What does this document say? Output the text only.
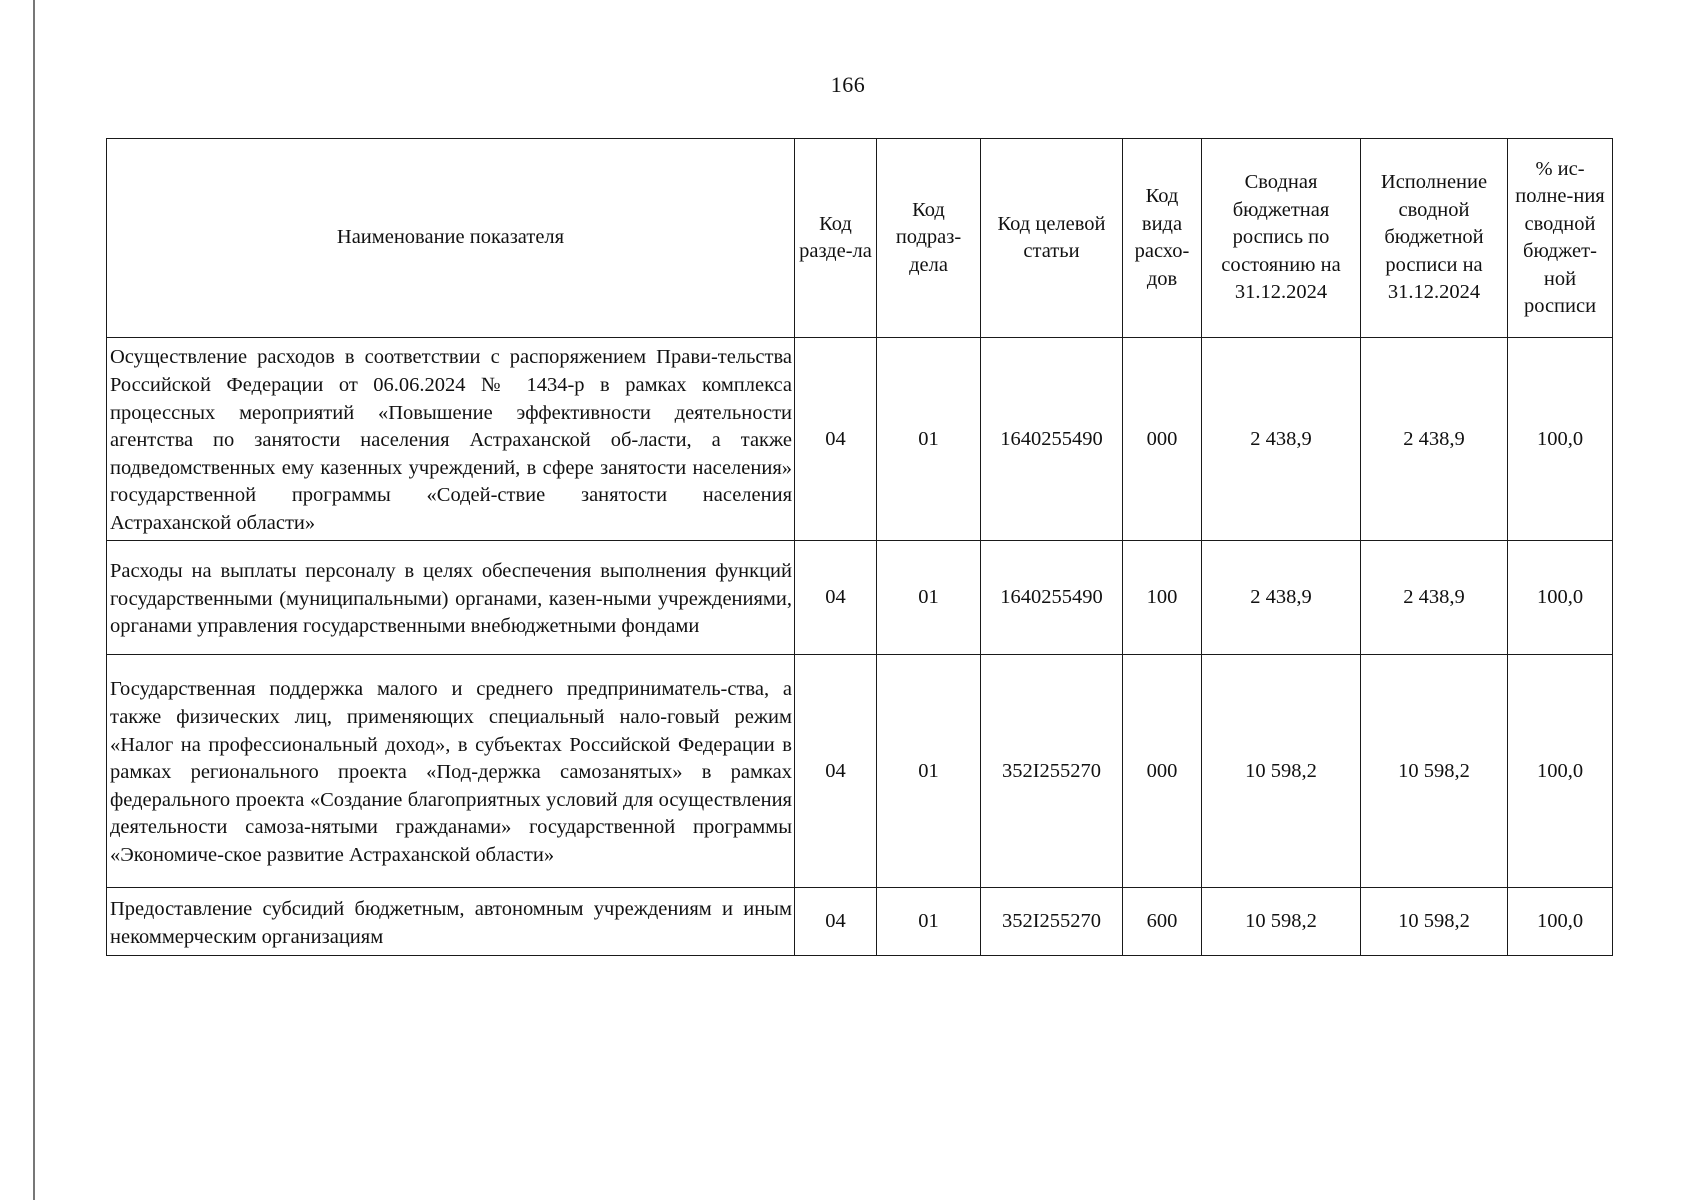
166
Наименование показателя	Код разде-ла	Код подраз-дела	Код целевой статьи	Код вида расхо-дов	Сводная бюджетная роспись по состоянию на 31.12.2024	Исполнение сводной бюджетной росписи на 31.12.2024	% ис-полне-ния сводной бюджет-ной росписи
Осуществление расходов в соответствии с распоряжением Прави-тельства Российской Федерации от 06.06.2024 № 1434-р в рамках комплекса процессных мероприятий «Повышение эффективности деятельности агентства по занятости населения Астраханской об-ласти, а также подведомственных ему казенных учреждений, в сфере занятости населения» государственной программы «Содей-ствие занятости населения Астраханской области»	04	01	1640255490	000	2 438,9	2 438,9	100,0
Расходы на выплаты персоналу в целях обеспечения выполнения функций государственными (муниципальными) органами, казен-ными учреждениями, органами управления государственными внебюджетными фондами	04	01	1640255490	100	2 438,9	2 438,9	100,0
Государственная поддержка малого и среднего предприниматель-ства, а также физических лиц, применяющих специальный нало-говый режим «Налог на профессиональный доход», в субъектах Российской Федерации в рамках регионального проекта «Под-держка самозанятых» в рамках федерального проекта «Создание благоприятных условий для осуществления деятельности самоза-нятыми гражданами» государственной программы «Экономиче-ское развитие Астраханской области»	04	01	352I255270	000	10 598,2	10 598,2	100,0
Предоставление субсидий бюджетным, автономным учреждениям и иным некоммерческим организациям	04	01	352I255270	600	10 598,2	10 598,2	100,0
